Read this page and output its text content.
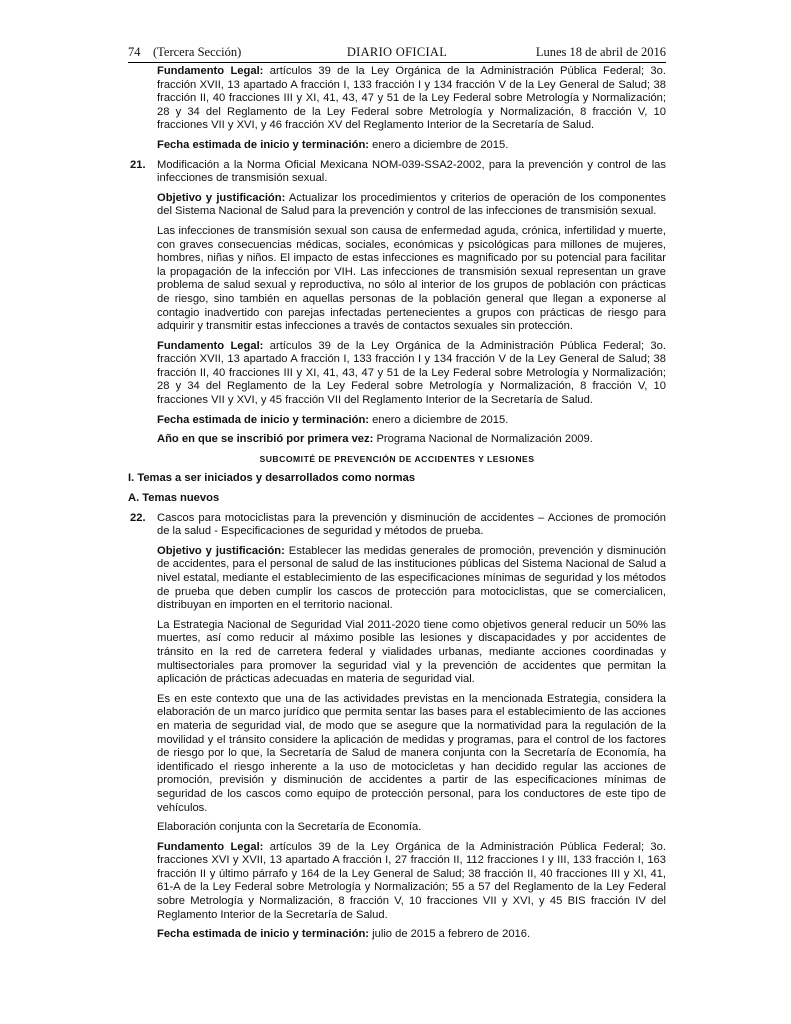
74 (Tercera Sección)	DIARIO OFICIAL	Lunes 18 de abril de 2016

Fundamento Legal: artículos 39 de la Ley Orgánica de la Administración Pública Federal; 3o. fracción XVII, 13 apartado A fracción I, 133 fracción I y 134 fracción V de la Ley General de Salud; 38 fracción II, 40 fracciones III y XI, 41, 43, 47 y 51 de la Ley Federal sobre Metrología y Normalización; 28 y 34 del Reglamento de la Ley Federal sobre Metrología y Normalización, 8 fracción V, 10 fracciones VII y XVI, y 46 fracción XV del Reglamento Interior de la Secretaría de Salud.

Fecha estimada de inicio y terminación: enero a diciembre de 2015.

21. Modificación a la Norma Oficial Mexicana NOM-039-SSA2-2002, para la prevención y control de las infecciones de transmisión sexual.

Objetivo y justificación: Actualizar los procedimientos y criterios de operación de los componentes del Sistema Nacional de Salud para la prevención y control de las infecciones de transmisión sexual.

Las infecciones de transmisión sexual son causa de enfermedad aguda, crónica, infertilidad y muerte, con graves consecuencias médicas, sociales, económicas y psicológicas para millones de mujeres, hombres, niñas y niños. El impacto de estas infecciones es magnificado por su potencial para facilitar la propagación de la infección por VIH. Las infecciones de transmisión sexual representan un grave problema de salud sexual y reproductiva, no sólo al interior de los grupos de población con prácticas de riesgo, sino también en aquellas personas de la población general que llegan a exponerse al contagio inadvertido con parejas infectadas pertenecientes a grupos con prácticas de riesgo para adquirir y transmitir estas infecciones a través de contactos sexuales sin protección.

Fundamento Legal: artículos 39 de la Ley Orgánica de la Administración Pública Federal; 3o. fracción XVII, 13 apartado A fracción I, 133 fracción I y 134 fracción V de la Ley General de Salud; 38 fracción II, 40 fracciones III y XI, 41, 43, 47 y 51 de la Ley Federal sobre Metrología y Normalización; 28 y 34 del Reglamento de la Ley Federal sobre Metrología y Normalización, 8 fracción V, 10 fracciones VII y XVI, y 45 fracción VII del Reglamento Interior de la Secretaría de Salud.

Fecha estimada de inicio y terminación: enero a diciembre de 2015.

Año en que se inscribió por primera vez: Programa Nacional de Normalización 2009.

SUBCOMITÉ DE PREVENCIÓN DE ACCIDENTES Y LESIONES
I. Temas a ser iniciados y desarrollados como normas
A. Temas nuevos
22. Cascos para motociclistas para la prevención y disminución de accidentes – Acciones de promoción de la salud - Especificaciones de seguridad y métodos de prueba.

Objetivo y justificación: Establecer las medidas generales de promoción, prevención y disminución de accidentes, para el personal de salud de las instituciones públicas del Sistema Nacional de Salud a nivel estatal, mediante el establecimiento de las especificaciones mínimas de seguridad y los métodos de prueba que deben cumplir los cascos de protección para motociclistas, que se comercialicen, distribuyan en importen en el territorio nacional.

La Estrategia Nacional de Seguridad Vial 2011-2020 tiene como objetivos general reducir un 50% las muertes, así como reducir al máximo posible las lesiones y discapacidades y por accidentes de tránsito en la red de carretera federal y vialidades urbanas, mediante acciones coordinadas y multisectoriales para promover la seguridad vial y la prevención de accidentes que permitan la aplicación de prácticas adecuadas en materia de seguridad vial.

Es en este contexto que una de las actividades previstas en la mencionada Estrategia, considera la elaboración de un marco jurídico que permita sentar las bases para el establecimiento de las acciones en materia de seguridad vial, de modo que se asegure que la normatividad para la regulación de la movilidad y el tránsito considere la aplicación de medidas y programas, para el control de los factores de riesgo por lo que, la Secretaría de Salud de manera conjunta con la Secretaría de Economía, ha identificado el riesgo inherente a la uso de motocicletas y han decidido regular las acciones de promoción, previsión y disminución de accidentes a partir de las especificaciones mínimas de seguridad de los cascos como equipo de protección personal, para los conductores de este tipo de vehículos.

Elaboración conjunta con la Secretaría de Economía.

Fundamento Legal: artículos 39 de la Ley Orgánica de la Administración Pública Federal; 3o. fracciones XVI y XVII, 13 apartado A fracción I, 27 fracción II, 112 fracciones I y III, 133 fracción I, 163 fracción II y último párrafo y 164 de la Ley General de Salud; 38 fracción II, 40 fracciones III y XI, 41, 61-A de la Ley Federal sobre Metrología y Normalización; 55 a 57 del Reglamento de la Ley Federal sobre Metrología y Normalización, 8 fracción V, 10 fracciones VII y XVI, y 45 BIS fracción IV del Reglamento Interior de la Secretaría de Salud.

Fecha estimada de inicio y terminación: julio de 2015 a febrero de 2016.
